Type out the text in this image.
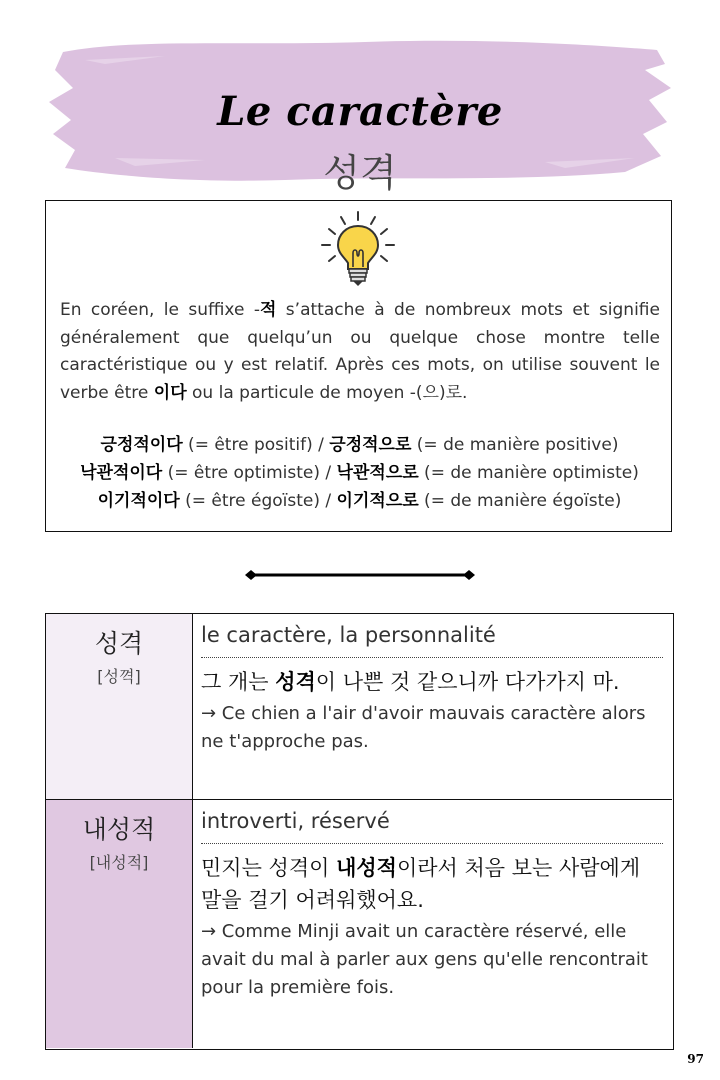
Le caractère
성격
En coréen, le suffixe -적 s’attache à de nombreux mots et signifie généralement que quelqu’un ou quelque chose montre telle caractéristique ou y est relatif. Après ces mots, on utilise souvent le verbe être 이다 ou la particule de moyen -(으)로.
긍정적이다 (= être positif) / 긍정적으로 (= de manière positive)
낙관적이다 (= être optimiste) / 낙관적으로 (= de manière optimiste)
이기적이다 (= être égoïste) / 이기적으로 (= de manière égoïste)
성격
[성껵]
le caractère, la personnalité
그 개는 성격이 나쁜 것 같으니까 다가가지 마.
→ Ce chien a l'air d'avoir mauvais caractère alors ne t'approche pas.
내성적
[내성적]
introverti, réservé
민지는 성격이 내성적이라서 처음 보는 사람에게 말을 걸기 어려워했어요.
→ Comme Minji avait un caractère réservé, elle avait du mal à parler aux gens qu'elle rencontrait pour la première fois.
97
